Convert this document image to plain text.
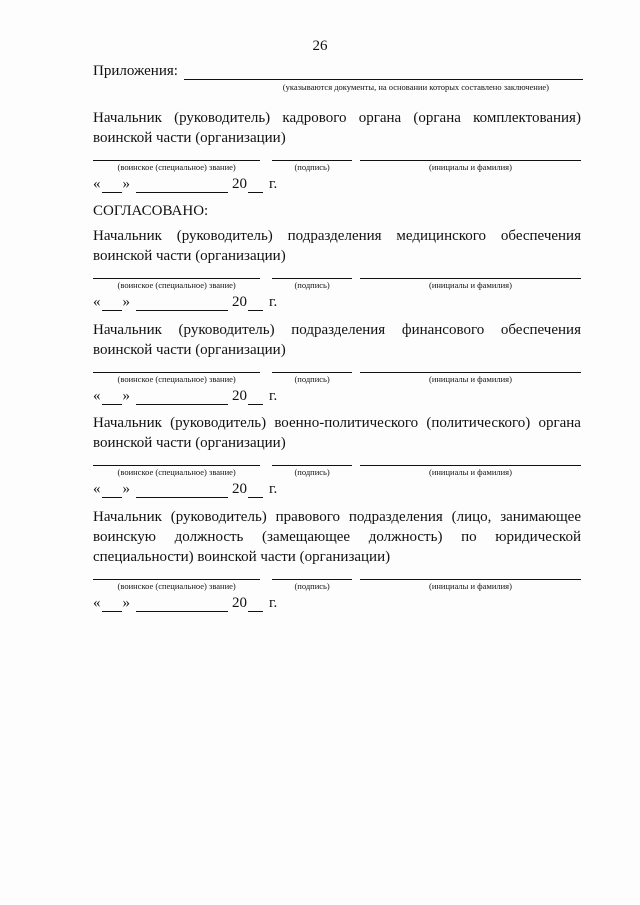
26
Приложения:
(указываются документы, на основании которых составлено заключение)
Начальник (руководитель) кадрового органа (органа комплектования)
воинской части (организации)
(воинское (специальное) звание)	(подпись)	(инициалы и фамилия)
« »	20 г.
СОГЛАСОВАНО:
Начальник (руководитель) подразделения медицинского обеспечения
воинской части (организации)
(воинское (специальное) звание)	(подпись)	(инициалы и фамилия)
« »	20 г.
Начальник (руководитель) подразделения финансового обеспечения
воинской части (организации)
(воинское (специальное) звание)	(подпись)	(инициалы и фамилия)
« »	20 г.
Начальник (руководитель) военно-политического (политического) органа
воинской части (организации)
(воинское (специальное) звание)	(подпись)	(инициалы и фамилия)
« »	20 г.
Начальник (руководитель) правового подразделения (лицо, занимающее
воинскую должность (замещающее должность) по юридической
специальности) воинской части (организации)
(воинское (специальное) звание)	(подпись)	(инициалы и фамилия)
« »	20 г.
